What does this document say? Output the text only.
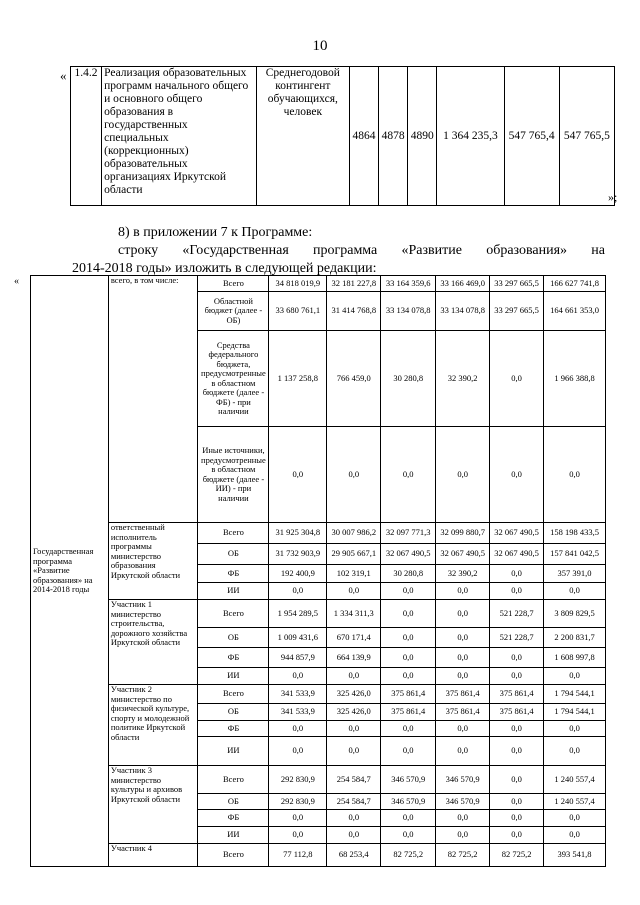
10
« 1.4.2	Реализация образовательных программ начального общего и основного общего образования в государственных специальных (коррекционных) образовательных организациях Иркутской области	Среднегодовой контингент обучающихся, человек	4864	4878	4890	1 364 235,3	547 765,4	547 765,5
»;
8) в приложении 7 к Программе:
строку «Государственная программа «Развитие образования» на
2014-2018 годы» изложить в следующей редакции:
«
Государственная программа «Развитие образования» на 2014-2018 годы	всего, в том числе:	Всего	34 818 019,9	32 181 227,8	33 164 359,6	33 166 469,0	33 297 665,5	166 627 741,8
		Областной бюджет (далее - ОБ)	33 680 761,1	31 414 768,8	33 134 078,8	33 134 078,8	33 297 665,5	164 661 353,0
		Средства федерального бюджета, предусмотренные в областном бюджете (далее - ФБ) - при наличии	1 137 258,8	766 459,0	30 280,8	32 390,2	0,0	1 966 388,8
		Иные источники, предусмотренные в областном бюджете (далее - ИИ) - при наличии	0,0	0,0	0,0	0,0	0,0	0,0
	ответственный исполнитель программы министерство образования Иркутской области	Всего	31 925 304,8	30 007 986,2	32 097 771,3	32 099 880,7	32 067 490,5	158 198 433,5
		ОБ	31 732 903,9	29 905 667,1	32 067 490,5	32 067 490,5	32 067 490,5	157 841 042,5
		ФБ	192 400,9	102 319,1	30 280,8	32 390,2	0,0	357 391,0
		ИИ	0,0	0,0	0,0	0,0	0,0	0,0
	Участник 1 министерство строительства, дорожного хозяйства Иркутской области	Всего	1 954 289,5	1 334 311,3	0,0	0,0	521 228,7	3 809 829,5
		ОБ	1 009 431,6	670 171,4	0,0	0,0	521 228,7	2 200 831,7
		ФБ	944 857,9	664 139,9	0,0	0,0	0,0	1 608 997,8
		ИИ	0,0	0,0	0,0	0,0	0,0	0,0
	Участник 2 министерство по физической культуре, спорту и молодежной политике Иркутской области	Всего	341 533,9	325 426,0	375 861,4	375 861,4	375 861,4	1 794 544,1
		ОБ	341 533,9	325 426,0	375 861,4	375 861,4	375 861,4	1 794 544,1
		ФБ	0,0	0,0	0,0	0,0	0,0	0,0
		ИИ	0,0	0,0	0,0	0,0	0,0	0,0
	Участник 3 министерство культуры и архивов Иркутской области	Всего	292 830,9	254 584,7	346 570,9	346 570,9	0,0	1 240 557,4
		ОБ	292 830,9	254 584,7	346 570,9	346 570,9	0,0	1 240 557,4
		ФБ	0,0	0,0	0,0	0,0	0,0	0,0
		ИИ	0,0	0,0	0,0	0,0	0,0	0,0
	Участник 4	Всего	77 112,8	68 253,4	82 725,2	82 725,2	82 725,2	393 541,8
